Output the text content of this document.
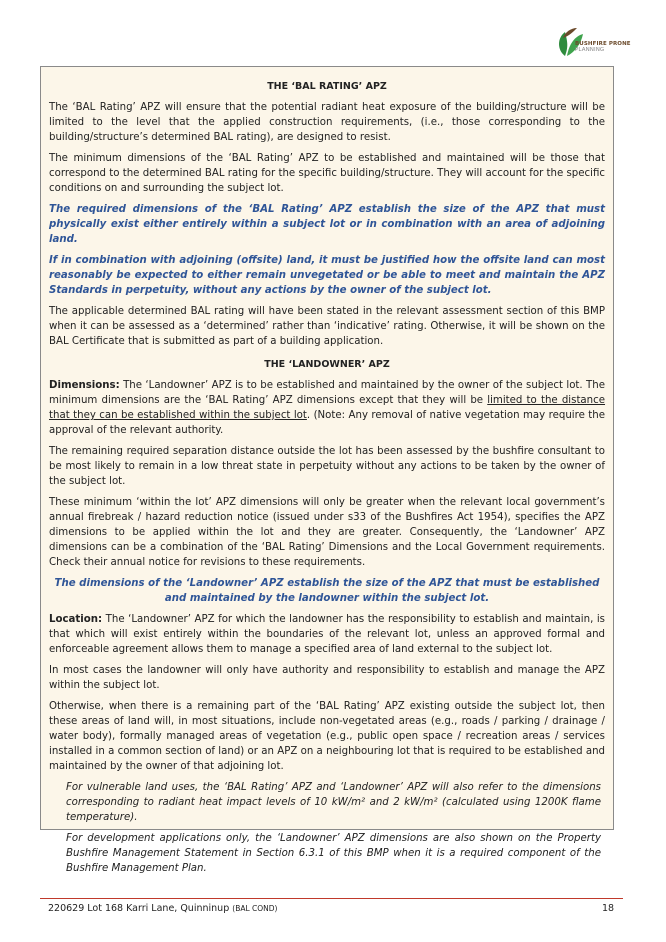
BUSHFIRE PRONE
PLANNING
THE ‘BAL RATING’ APZ

The ‘BAL Rating’ APZ will ensure that the potential radiant heat exposure of the building/structure will be limited to the level that the applied construction requirements, (i.e., those corresponding to the building/structure’s determined BAL rating), are designed to resist.

The minimum dimensions of the ‘BAL Rating’ APZ to be established and maintained will be those that correspond to the determined BAL rating for the specific building/structure. They will account for the specific conditions on and surrounding the subject lot.

The required dimensions of the ‘BAL Rating’ APZ establish the size of the APZ that must physically exist either entirely within a subject lot or in combination with an area of adjoining land.

If in combination with adjoining (offsite) land, it must be justified how the offsite land can most reasonably be expected to either remain unvegetated or be able to meet and maintain the APZ Standards in perpetuity, without any actions by the owner of the subject lot.

The applicable determined BAL rating will have been stated in the relevant assessment section of this BMP when it can be assessed as a ‘determined’ rather than ‘indicative’ rating. Otherwise, it will be shown on the BAL Certificate that is submitted as part of a building application.

THE ‘LANDOWNER’ APZ

Dimensions: The ‘Landowner’ APZ is to be established and maintained by the owner of the subject lot. The minimum dimensions are the ‘BAL Rating’ APZ dimensions except that they will be limited to the distance that they can be established within the subject lot. (Note: Any removal of native vegetation may require the approval of the relevant authority.

The remaining required separation distance outside the lot has been assessed by the bushfire consultant to be most likely to remain in a low threat state in perpetuity without any actions to be taken by the owner of the subject lot.

These minimum ‘within the lot’ APZ dimensions will only be greater when the relevant local government’s annual firebreak / hazard reduction notice (issued under s33 of the Bushfires Act 1954), specifies the APZ dimensions to be applied within the lot and they are greater. Consequently, the ‘Landowner’ APZ dimensions can be a combination of the ‘BAL Rating’ Dimensions and the Local Government requirements. Check their annual notice for revisions to these requirements.

The dimensions of the ‘Landowner’ APZ establish the size of the APZ that must be established and maintained by the landowner within the subject lot.

Location: The ‘Landowner’ APZ for which the landowner has the responsibility to establish and maintain, is that which will exist entirely within the boundaries of the relevant lot, unless an approved formal and enforceable agreement allows them to manage a specified area of land external to the subject lot.

In most cases the landowner will only have authority and responsibility to establish and manage the APZ within the subject lot.

Otherwise, when there is a remaining part of the ‘BAL Rating’ APZ existing outside the subject lot, then these areas of land will, in most situations, include non-vegetated areas (e.g., roads / parking / drainage / water body), formally managed areas of vegetation (e.g., public open space / recreation areas / services installed in a common section of land) or an APZ on a neighbouring lot that is required to be established and maintained by the owner of that adjoining lot.

For vulnerable land uses, the ‘BAL Rating’ APZ and ‘Landowner’ APZ will also refer to the dimensions corresponding to radiant heat impact levels of 10 kW/m² and 2 kW/m² (calculated using 1200K flame temperature).

For development applications only, the ‘Landowner’ APZ dimensions are also shown on the Property Bushfire Management Statement in Section 6.3.1 of this BMP when it is a required component of the Bushfire Management Plan.

220629 Lot 168 Karri Lane, Quinninup (BAL COND)	18
